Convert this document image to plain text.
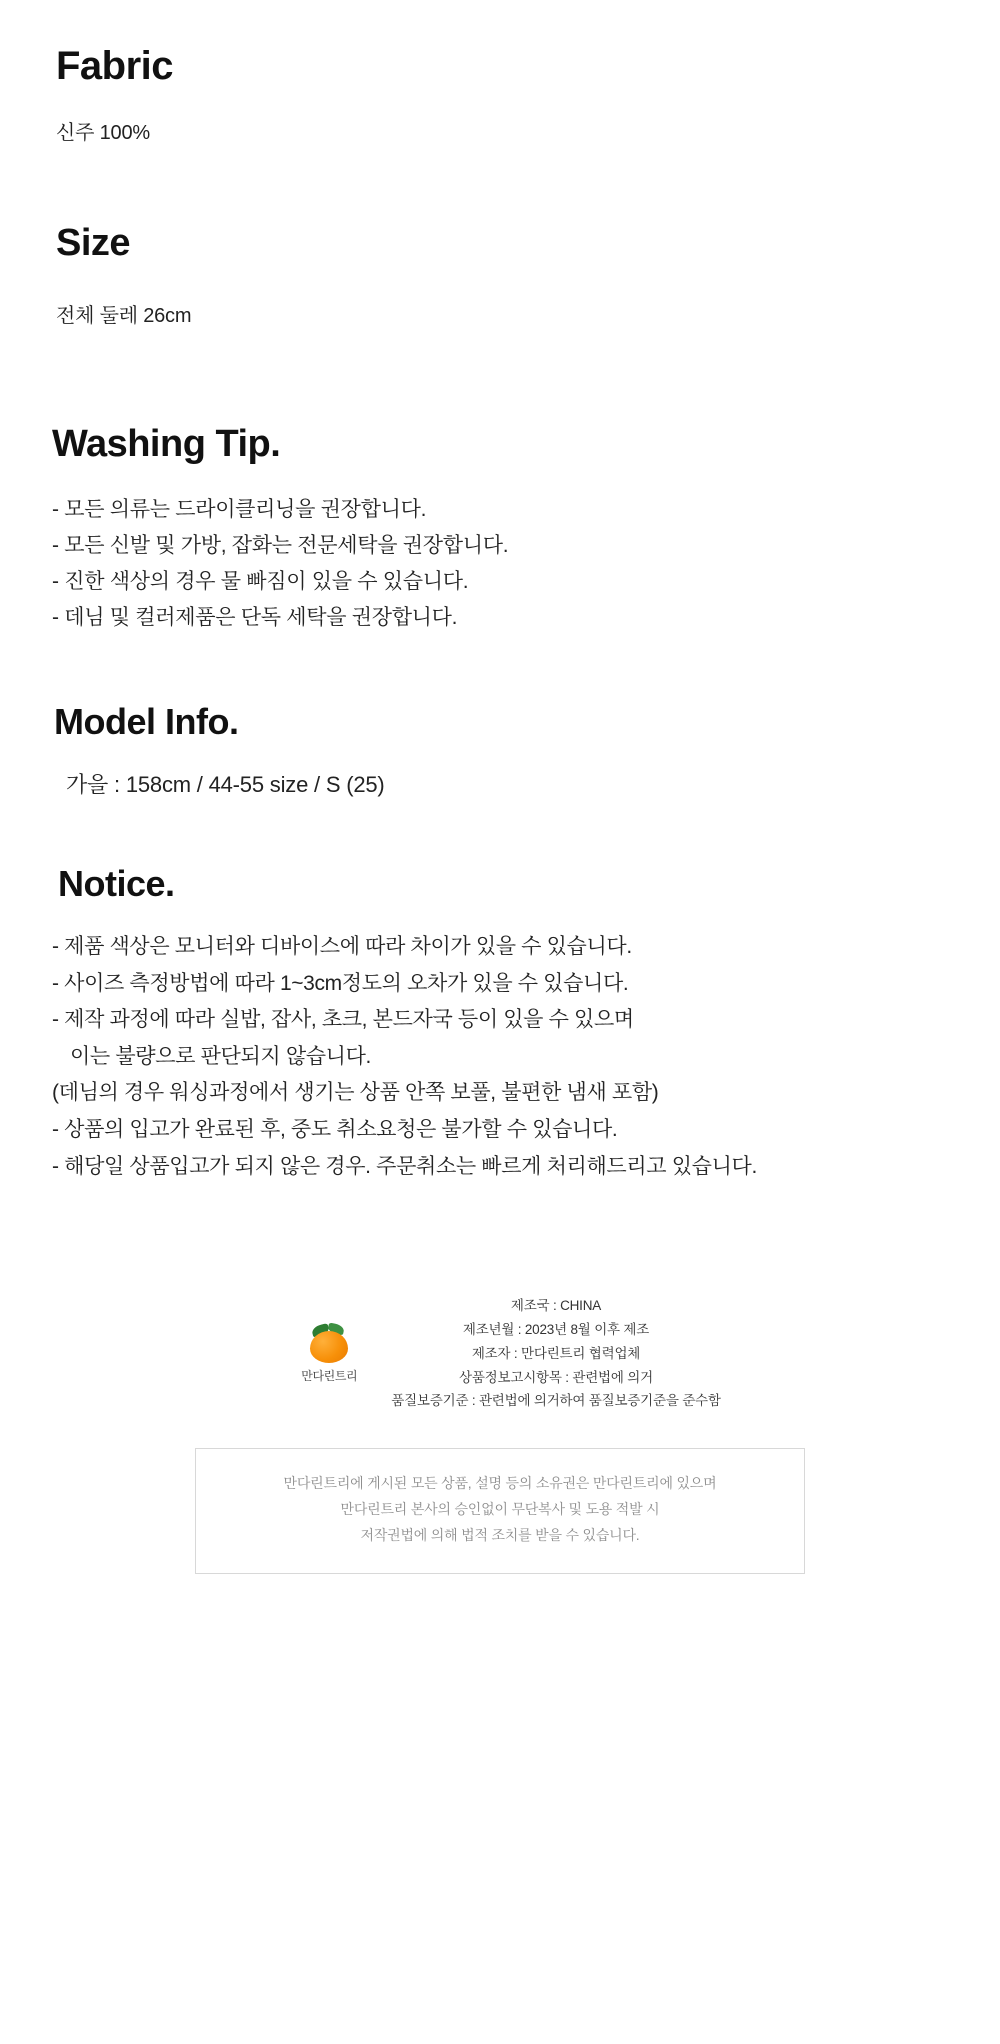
Fabric

신주 100%

Size

전체 둘레 26cm

Washing Tip.
- 모든 의류는 드라이클리닝을 권장합니다.
- 모든 신발 및 가방, 잡화는 전문세탁을 권장합니다.
- 진한 색상의 경우 물 빠짐이 있을 수 있습니다.
- 데님 및 컬러제품은 단독 세탁을 권장합니다.
Model Info.

가을 : 158cm / 44-55 size / S (25)

Notice.
- 제품 색상은 모니터와 디바이스에 따라 차이가 있을 수 있습니다.
- 사이즈 측정방법에 따라 1~3cm정도의 오차가 있을 수 있습니다.
- 제작 과정에 따라 실밥, 잡사, 초크, 본드자국 등이 있을 수 있으며
이는 불량으로 판단되지 않습니다.
(데님의 경우 워싱과정에서 생기는 상품 안쪽 보풀, 불편한 냄새 포함)
- 상품의 입고가 완료된 후, 중도 취소요청은 불가할 수 있습니다.
- 해당일 상품입고가 되지 않은 경우. 주문취소는 빠르게 처리해드리고 있습니다.
만다린트리
제조국 : CHINA
제조년월 : 2023년 8월 이후 제조
제조자 : 만다린트리 협력업체
상품정보고시항목 : 관련법에 의거
품질보증기준 : 관련법에 의거하여 품질보증기준을 준수함
만다린트리에 게시된 모든 상품, 설명 등의 소유권은 만다린트리에 있으며
만다린트리 본사의 승인없이 무단복사 및 도용 적발 시
저작권법에 의해 법적 조치를 받을 수 있습니다.
